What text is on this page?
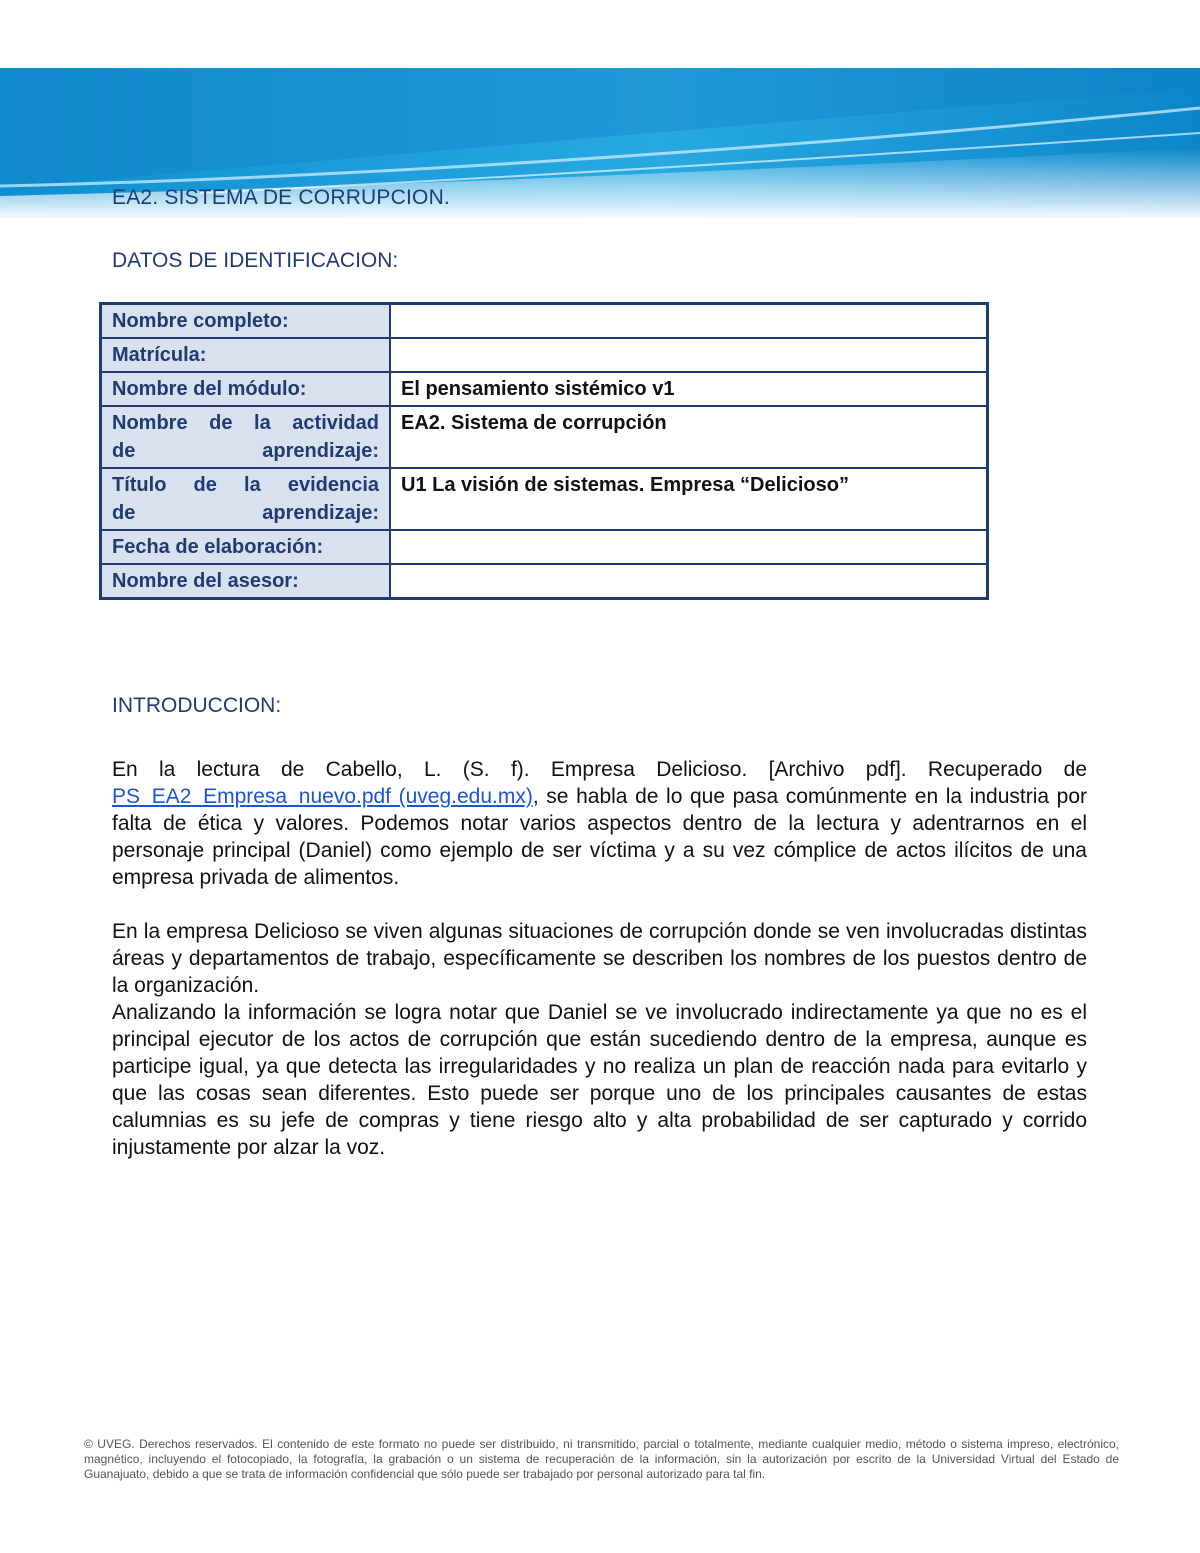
EA2. SISTEMA DE CORRUPCION.
DATOS DE IDENTIFICACION:
Nombre completo:	
Matrícula:	
Nombre del módulo:	El pensamiento sistémico v1
Nombre de la actividad
de aprendizaje:	EA2. Sistema de corrupción
Título de la evidencia
de aprendizaje:	U1 La visión de sistemas. Empresa “Delicioso”
Fecha de elaboración:	
Nombre del asesor:	
INTRODUCCION:

En la lectura de Cabello, L. (S. f). Empresa Delicioso. [Archivo pdf]. Recuperado de PS_EA2_Empresa_nuevo.pdf (uveg.edu.mx), se habla de lo que pasa comúnmente en la industria por falta de ética y valores. Podemos notar varios aspectos dentro de la lectura y adentrarnos en el personaje principal (Daniel) como ejemplo de ser víctima y a su vez cómplice de actos ilícitos de una empresa privada de alimentos.

En la empresa Delicioso se viven algunas situaciones de corrupción donde se ven involucradas distintas áreas y departamentos de trabajo, específicamente se describen los nombres de los puestos dentro de la organización.

Analizando la información se logra notar que Daniel se ve involucrado indirectamente ya que no es el principal ejecutor de los actos de corrupción que están sucediendo dentro de la empresa, aunque es participe igual, ya que detecta las irregularidades y no realiza un plan de reacción nada para evitarlo y que las cosas sean diferentes. Esto puede ser porque uno de los principales causantes de estas calumnias es su jefe de compras y tiene riesgo alto y alta probabilidad de ser capturado y corrido injustamente por alzar la voz.

© UVEG. Derechos reservados. El contenido de este formato no puede ser distribuido, ni transmitido, parcial o totalmente, mediante cualquier medio, método o sistema impreso, electrónico, magnético, incluyendo el fotocopiado, la fotografía, la grabación o un sistema de recuperación de la información, sin la autorización por escrito de la Universidad Virtual del Estado de Guanajuato, debido a que se trata de información confidencial que sólo puede ser trabajado por personal autorizado para tal fin.
